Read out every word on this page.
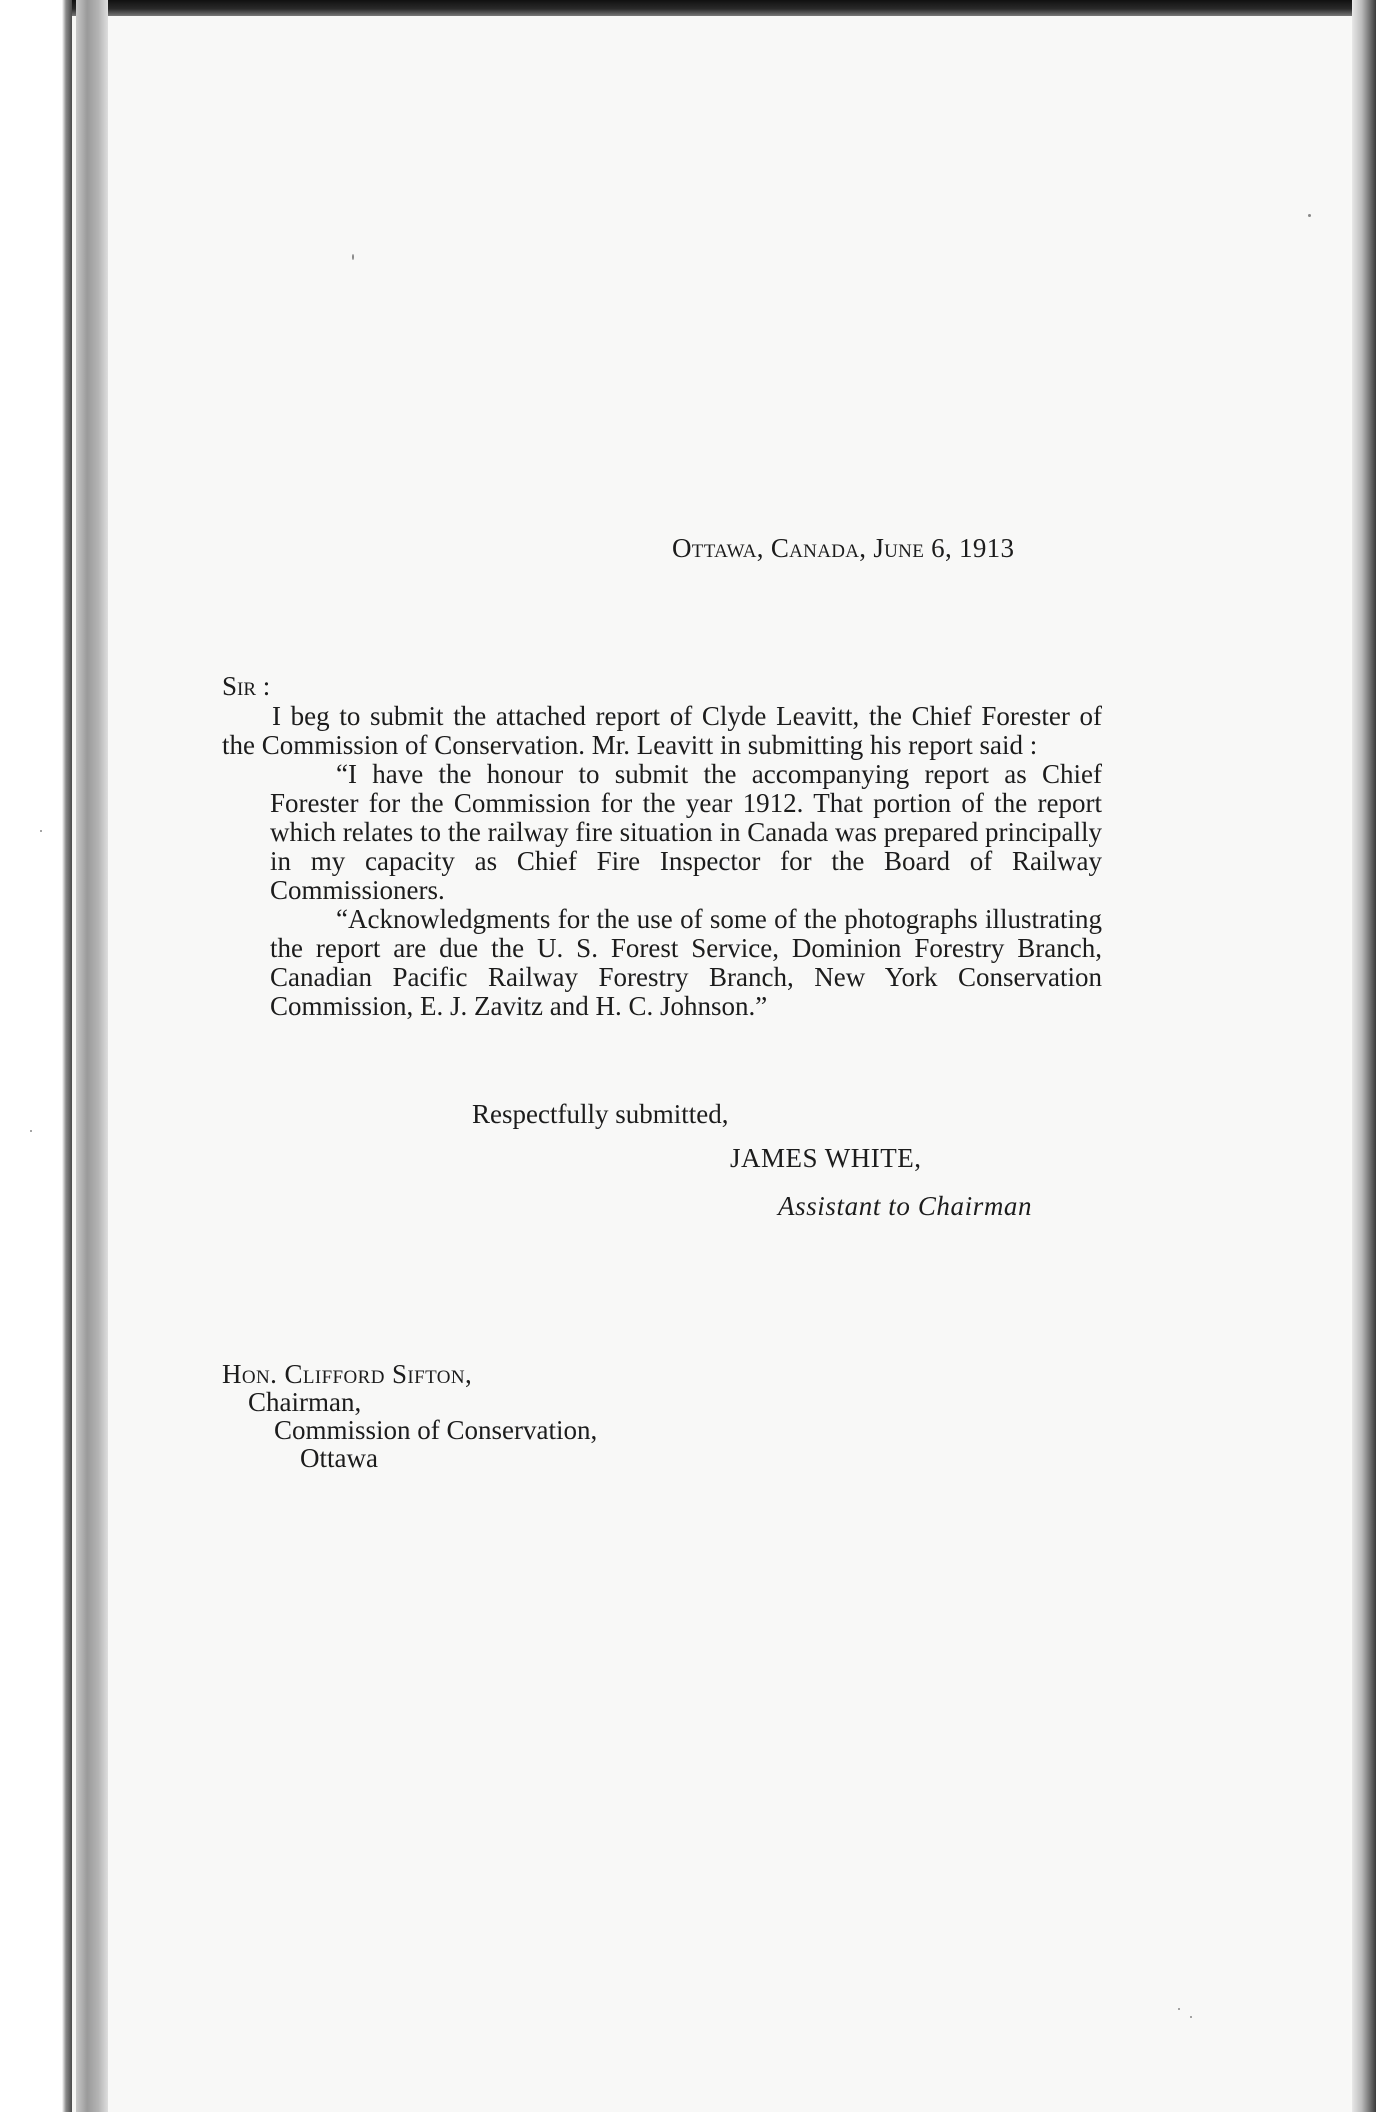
Ottawa, Canada, June 6, 1913
Sir :

I beg to submit the attached report of Clyde Leavitt, the Chief Forester of the Commission of Conservation. Mr. Leavitt in submitting his report said :

“I have the honour to submit the accompanying report as Chief Forester for the Commission for the year 1912. That portion of the report which relates to the railway fire situation in Canada was prepared principally in my capacity as Chief Fire Inspector for the Board of Railway Commissioners.

“Acknowledgments for the use of some of the photographs illustrating the report are due the U. S. Forest Service, Dominion Forestry Branch, Canadian Pacific Railway Forestry Branch, New York Conservation Commission, E. J. Zavitz and H. C. Johnson.”

Respectfully submitted,
JAMES WHITE,
Assistant to Chairman
Hon. Clifford Sifton,
Chairman,
Commission of Conservation,
Ottawa
